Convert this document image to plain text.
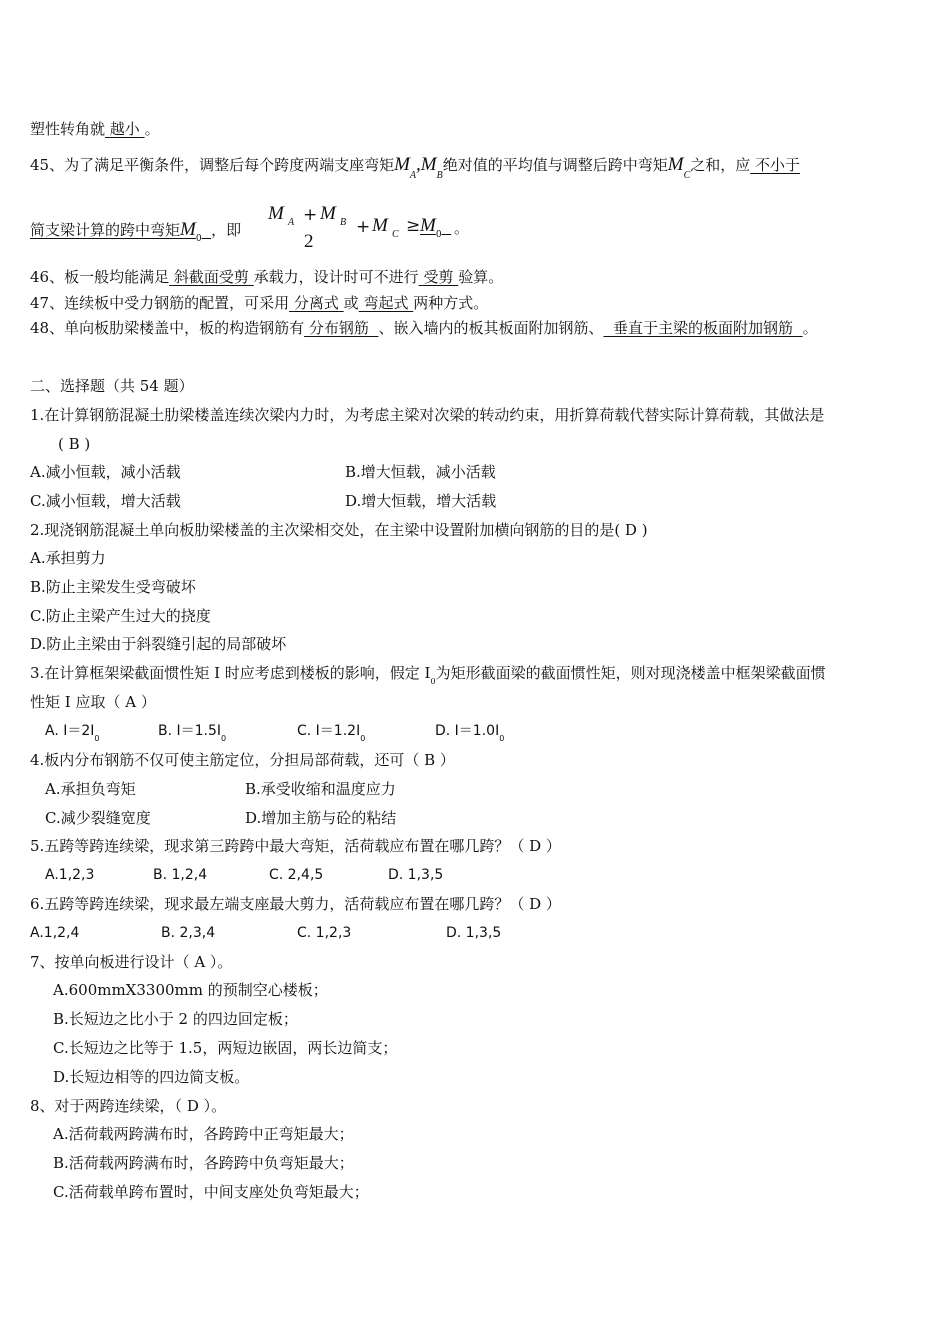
塑性转角就 越小 。
45、为了满足平衡条件，调整后每个跨度两端支座弯矩$M_A,M_B$绝对值的平均值与调整后跨中弯矩$M_C$之和，应 不小于
简支梁计算的跨中弯矩$M_0$ ，即
M A + M B
2
+ M $C \ge M_0$ 。
46、板一般均能满足 斜截面受剪 承载力，设计时可不进行 受剪 验算。
47、连续板中受力钢筋的配置，可采用 分离式 或 弯起式 两种方式。
48、单向板肋梁楼盖中，板的构造钢筋有 分布钢筋 、嵌入墙内的板其板面附加钢筋、 垂直于主梁的板面附加钢筋 。
二、选择题（共 54 题）
1.在计算钢筋混凝土肋梁楼盖连续次梁内力时，为考虑主梁对次梁的转动约束，用折算荷载代替实际计算荷载，其做法是
( B )
A.减小恒载，减小活载	B.增大恒载，减小活载
C.减小恒载，增大活载	D.增大恒载，增大活载
2.现浇钢筋混凝土单向板肋梁楼盖的主次梁相交处，在主梁中设置附加横向钢筋的目的是( D )
A.承担剪力
B.防止主梁发生受弯破坏
C.防止主梁产生过大的挠度
D.防止主梁由于斜裂缝引起的局部破坏
3.在计算框架梁截面惯性矩 I 时应考虑到楼板的影响，假定 $I_0$为矩形截面梁的截面惯性矩，则对现浇楼盖中框架梁截面惯
性矩 I 应取（ A ）
A. $I=2I_0$	B. $I=1.5I_0$	C. $I=1.2I_0$	D. $I=1.0I_0$
4.板内分布钢筋不仅可使主筋定位，分担局部荷载，还可（ B ）
A.承担负弯矩	B.承受收缩和温度应力
C.减少裂缝宽度	D.增加主筋与砼的粘结
5.五跨等跨连续梁，现求第三跨跨中最大弯矩，活荷载应布置在哪几跨？（ D ）
A.1,2,3	B. 1,2,4	C. 2,4,5	D. 1,3,5
6.五跨等跨连续梁，现求最左端支座最大剪力，活荷载应布置在哪几跨？（ D ）
A.1,2,4	B. 2,3,4	C. 1,2,3	D. 1,3,5
7、按单向板进行设计（ A ）。
A.600mmX3300mm 的预制空心楼板；
B.长短边之比小于 2 的四边回定板；
C.长短边之比等于 1.5，两短边嵌固，两长边简支；
D.长短边相等的四边简支板。
8、对于两跨连续梁，（ D ）。
A.活荷载两跨满布时，各跨跨中正弯矩最大；
B.活荷载两跨满布时，各跨跨中负弯矩最大；
C.活荷载单跨布置时，中间支座处负弯矩最大；
